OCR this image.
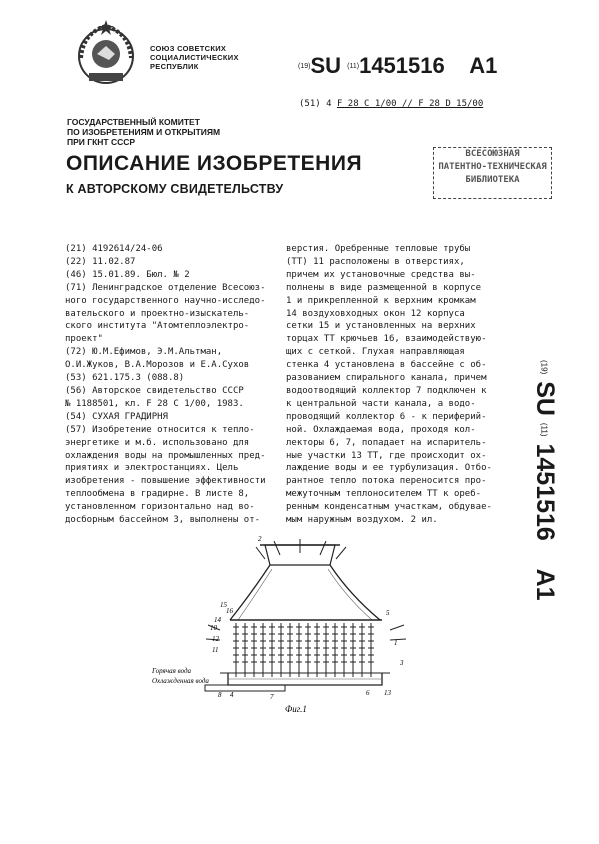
СОЮЗ СОВЕТСКИХ
СОЦИАЛИСТИЧЕСКИХ
РЕСПУБЛИК	(19)SU (11)1451516 A1
(51) 4 F 28 C 1/00 // F 28 D 15/00
ГОСУДАРСТВЕННЫЙ КОМИТЕТ
ПО ИЗОБРЕТЕНИЯМ И ОТКРЫТИЯМ
ПРИ ГКНТ СССР
ОПИСАНИЕ ИЗОБРЕТЕНИЯ
К АВТОРСКОМУ СВИДЕТЕЛЬСТВУ
ВСЕСОЮЗНАЯ
ПАТЕНТНО-ТЕХНИЧЕСКАЯ
БИБЛИОТЕКА
(21) 4192614/24-06
(22) 11.02.87
(46) 15.01.89. Бюл. № 2
(71) Ленинградское отделение Всесоюз-
ного государственного научно-исследо-
вательского и проектно-изыскатель-
ского института "Атомтеплоэлектро-
проект"
(72) Ю.М.Ефимов, Э.М.Альтман,
О.И.Жуков, В.А.Морозов и Е.А.Сухов
(53) 621.175.3 (088.8)
(56) Авторское свидетельство СССР
№ 1188501, кл. F 28 C 1/00, 1983.
(54) СУХАЯ ГРАДИРНЯ
(57) Изобретение относится к тепло-
энергетике и м.б. использовано для
охлаждения воды на промышленных пред-
приятиях и электростанциях. Цель
изобретения - повышение эффективности
теплообмена в градирне. В листе 8,
установленном горизонтально над во-
досборным бассейном 3, выполнены от-
верстия. Оребренные тепловые трубы
(ТТ) 11 расположены в отверстиях,
причем их установочные средства вы-
полнены в виде размещенной в корпусе
1 и прикрепленной к верхним кромкам
14 воздуховходных окон 12 корпуса
сетки 15 и установленных на верхних
торцах ТТ крючьев 16, взаимодействую-
щих с сеткой. Глухая направляющая
стенка 4 установлена в бассейне с об-
разованием спирального канала, причем
водоотводящий коллектор 7 подключен к
к центральной части канала, а водо-
проводящий коллектор 6 - к периферий-
ной. Охлаждаемая вода, проходя кол-
лекторы 6, 7, попадает на испаритель-
ные участки 13 ТТ, где происходит ох-
лаждение воды и ее турбулизация. Отбо-
рантное тепло потока переносится про-
межуточным теплоносителем ТТ к ореб-
ренным конденсатным участкам, обдувае-
мым наружным воздухом. 2 ил.
(19) SU (11) 1451516    A1
2
15
16
14
10
12
11
5
1
3
13
6
7
4
8
Горячая вода
Охлажденная вода
Фиг.1
